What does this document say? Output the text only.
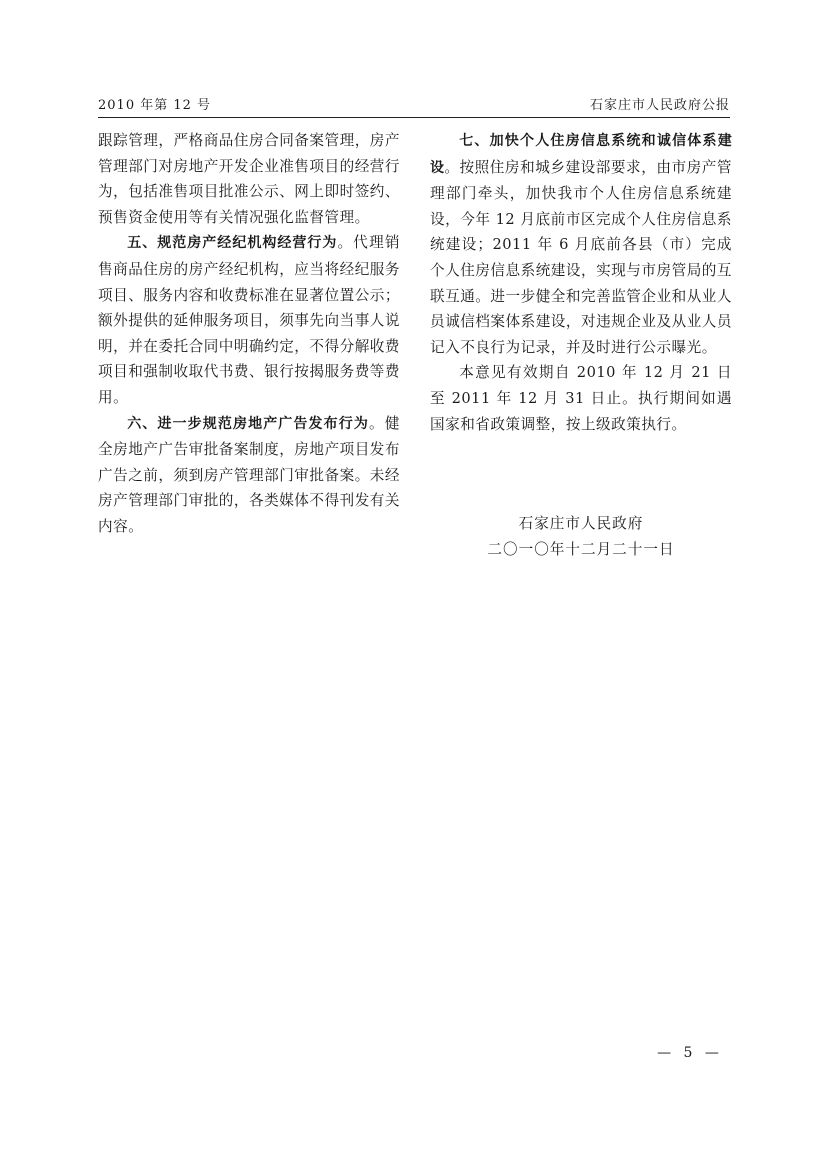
2010 年第 12 号	石家庄市人民政府公报

跟踪管理，严格商品住房合同备案管理，房产管理部门对房地产开发企业准售项目的经营行为，包括准售项目批准公示、网上即时签约、预售资金使用等有关情况强化监督管理。

五、规范房产经纪机构经营行为。代理销售商品住房的房产经纪机构，应当将经纪服务项目、服务内容和收费标准在显著位置公示；额外提供的延伸服务项目，须事先向当事人说明，并在委托合同中明确约定，不得分解收费项目和强制收取代书费、银行按揭服务费等费用。

六、进一步规范房地产广告发布行为。健全房地产广告审批备案制度，房地产项目发布广告之前，须到房产管理部门审批备案。未经房产管理部门审批的，各类媒体不得刊发有关内容。

七、加快个人住房信息系统和诚信体系建设。按照住房和城乡建设部要求，由市房产管理部门牵头，加快我市个人住房信息系统建设，今年 12 月底前市区完成个人住房信息系统建设；2011 年 6 月底前各县（市）完成个人住房信息系统建设，实现与市房管局的互联互通。进一步健全和完善监管企业和从业人员诚信档案体系建设，对违规企业及从业人员记入不良行为记录，并及时进行公示曝光。

本意见有效期自 2010 年 12 月 21 日至 2011 年 12 月 31 日止。执行期间如遇国家和省政策调整，按上级政策执行。

石家庄市人民政府
二〇一〇年十二月二十一日
— 5 —
